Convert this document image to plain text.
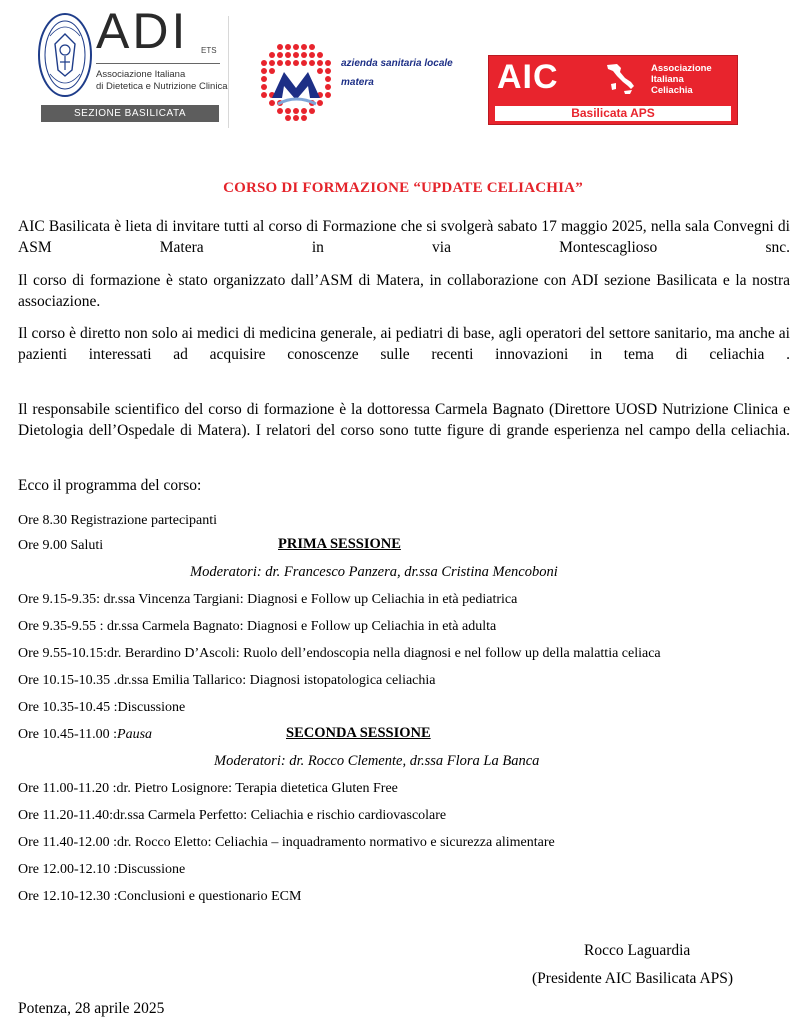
ADI ETS
Associazione Italiana
di Dietetica e Nutrizione Clinica
SEZIONE BASILICATA
azienda sanitaria locale
matera	AIC	Associazione
Italiana
Celiachia
Basilicata APS
CORSO DI FORMAZIONE “UPDATE CELIACHIA”
AIC Basilicata è lieta di invitare tutti al corso di Formazione che si svolgerà sabato 17 maggio 2025, nella sala Convegni di ASM Matera in via Montescaglioso snc.
Il corso di formazione è stato organizzato dall’ASM di Matera, in collaborazione con ADI sezione Basilicata e la nostra associazione.
Il corso è diretto non solo ai medici di medicina generale, ai pediatri di base, agli operatori del settore sanitario, ma anche ai pazienti interessati ad acquisire conoscenze sulle recenti innovazioni in tema di celiachia .
Il responsabile scientifico del corso di formazione è la dottoressa Carmela Bagnato (Direttore UOSD Nutrizione Clinica e Dietologia dell’Ospedale di Matera). I relatori del corso sono tutte figure di grande esperienza nel campo della celiachia.
Ecco il programma del corso:
Ore 8.30 Registrazione partecipanti
Ore 9.00 Saluti	PRIMA SESSIONE
Moderatori: dr. Francesco Panzera, dr.ssa Cristina Mencoboni
Ore 9.15-9.35: dr.ssa Vincenza Targiani: Diagnosi e Follow up Celiachia in età pediatrica
Ore 9.35-9.55 : dr.ssa Carmela Bagnato: Diagnosi e Follow up Celiachia in età adulta
Ore 9.55-10.15:dr. Berardino D’Ascoli: Ruolo dell’endoscopia nella diagnosi e nel follow up della malattia celiaca
Ore 10.15-10.35 .dr.ssa Emilia Tallarico: Diagnosi istopatologica celiachia
Ore 10.35-10.45 :Discussione
Ore 10.45-11.00 :Pausa	SECONDA SESSIONE
Moderatori: dr. Rocco Clemente, dr.ssa Flora La Banca
Ore 11.00-11.20 :dr. Pietro Losignore: Terapia dietetica Gluten Free
Ore 11.20-11.40:dr.ssa Carmela Perfetto: Celiachia e rischio cardiovascolare
Ore 11.40-12.00 :dr. Rocco Eletto: Celiachia – inquadramento normativo e sicurezza alimentare
Ore 12.00-12.10 :Discussione
Ore 12.10-12.30 :Conclusioni e questionario ECM
Rocco Laguardia
(Presidente AIC Basilicata APS)
Potenza, 28 aprile 2025
